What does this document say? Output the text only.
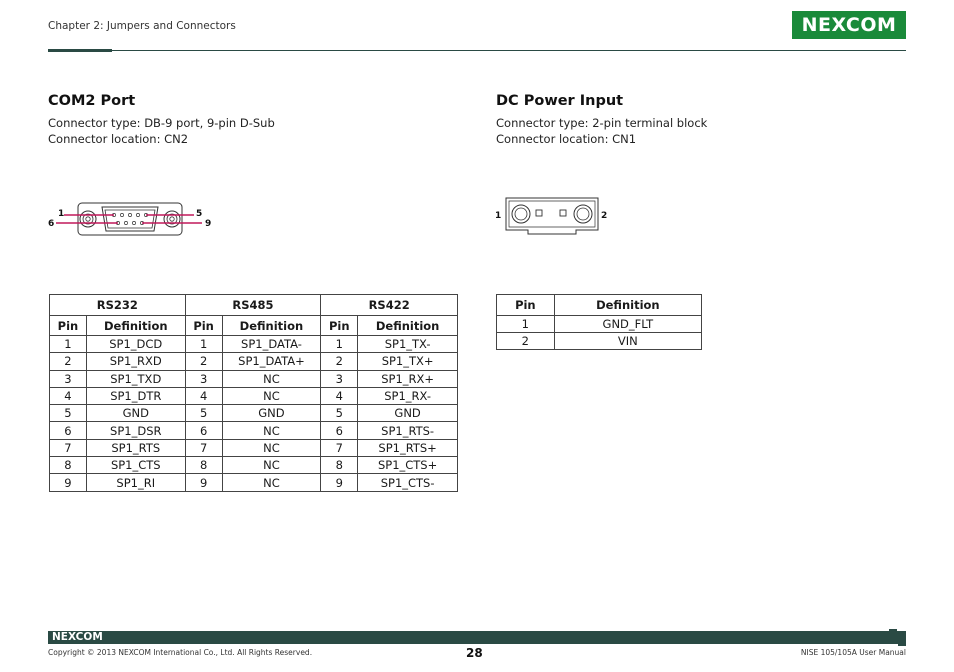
Chapter 2: Jumpers and Connectors	NEXCOM
COM2 Port
Connector type: DB-9 port, 9-pin D-Sub
Connector location: CN2
1
6
5
9
RS232		RS485		RS422	
Pin	Definition	Pin	Definition	Pin	Definition
1	SP1_DCD	1	SP1_DATA-	1	SP1_TX-
2	SP1_RXD	2	SP1_DATA+	2	SP1_TX+
3	SP1_TXD	3	NC	3	SP1_RX+
4	SP1_DTR	4	NC	4	SP1_RX-
5	GND	5	GND	5	GND
6	SP1_DSR	6	NC	6	SP1_RTS-
7	SP1_RTS	7	NC	7	SP1_RTS+
8	SP1_CTS	8	NC	8	SP1_CTS+
9	SP1_RI	9	NC	9	SP1_CTS-
DC Power Input
Connector type: 2-pin terminal block
Connector location: CN1
1	2
Pin	Definition
1	GND_FLT
2	VIN
NEXCOM
Copyright © 2013 NEXCOM International Co., Ltd. All Rights Reserved.	28	NISE 105/105A User Manual
